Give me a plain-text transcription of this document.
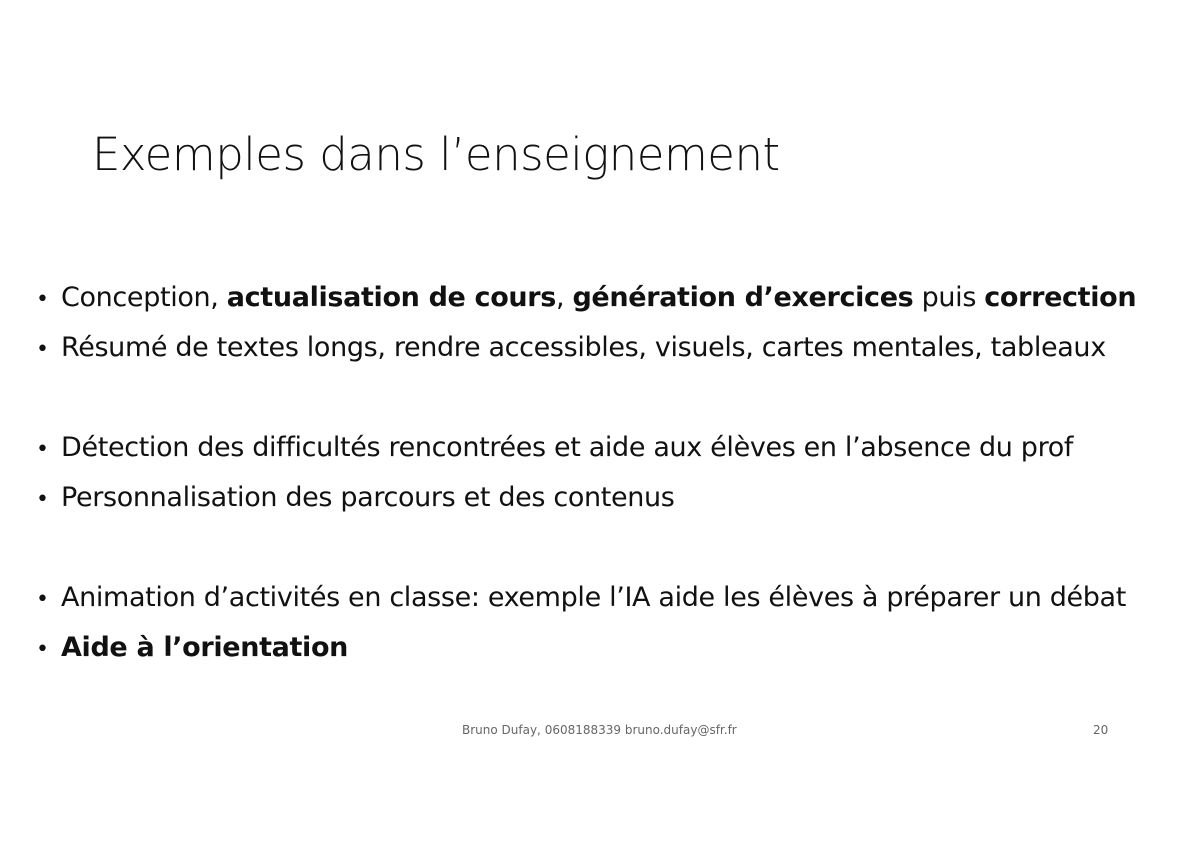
Exemples dans l’enseignement
• Conception, actualisation de cours, génération d’exercices puis correction
• Résumé de textes longs, rendre accessibles, visuels, cartes mentales, tableaux
• Détection des difficultés rencontrées et aide aux élèves en l’absence du prof
• Personnalisation des parcours et des contenus
• Animation d’activités en classe: exemple l’IA aide les élèves à préparer un débat
• Aide à l’orientation
Bruno Dufay, 0608188339 bruno.dufay@sfr.fr	20
